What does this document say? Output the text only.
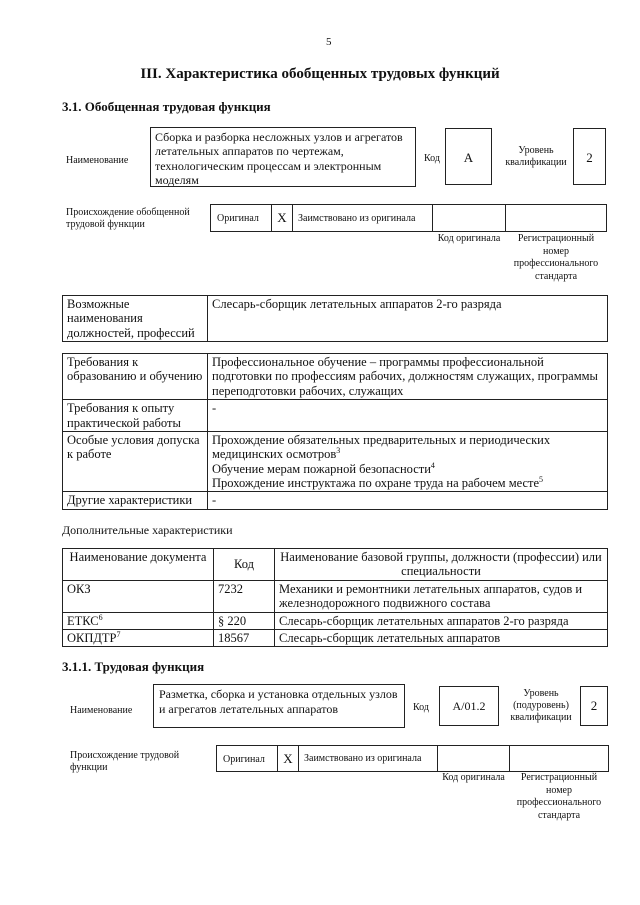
5
III. Характеристика обобщенных трудовых функций
3.1. Обобщенная трудовая функция
Наименование
Сборка и разборка несложных узлов и агрегатов летательных аппаратов по чертежам, технологическим процессам и электронным моделям
Код	A	Уровень квалификации	2
Происхождение обобщенной трудовой функции	Оригинал	X	Заимствовано из оригинала
Код оригинала	Регистрационный номер профессионального стандарта
Возможные наименования должностей, профессий	Слесарь-сборщик летательных аппаратов 2-го разряда
Требования к образованию и обучению	Профессиональное обучение – программы профессиональной подготовки по профессиям рабочих, должностям служащих, программы переподготовки рабочих, служащих
Требования к опыту практической работы	-
Особые условия допуска к работе	Прохождение обязательных предварительных и периодических медицинских осмотров$^3$
Обучение мерам пожарной безопасности$^4$
Прохождение инструктажа по охране труда на рабочем месте$^5$

Другие характеристики	-
Дополнительные характеристики
Наименование документа	Код	Наименование базовой группы, должности (профессии) или специальности
ОКЗ	7232	Механики и ремонтники летательных аппаратов, судов и железнодорожного подвижного состава
ЕТКС$^6$	§ 220	Слесарь-сборщик летательных аппаратов 2-го разряда
ОКПДТР$^7$	18567	Слесарь-сборщик летательных аппаратов
3.1.1. Трудовая функция
Наименование
Разметка, сборка и установка отдельных узлов и агрегатов летательных аппаратов	Код	A/01.2
Уровень (подуровень) квалификации
2
Происхождение трудовой функции
Оригинал	X	Заимствовано из оригинала
Код оригинала	Регистрационный номер профессионального стандарта
